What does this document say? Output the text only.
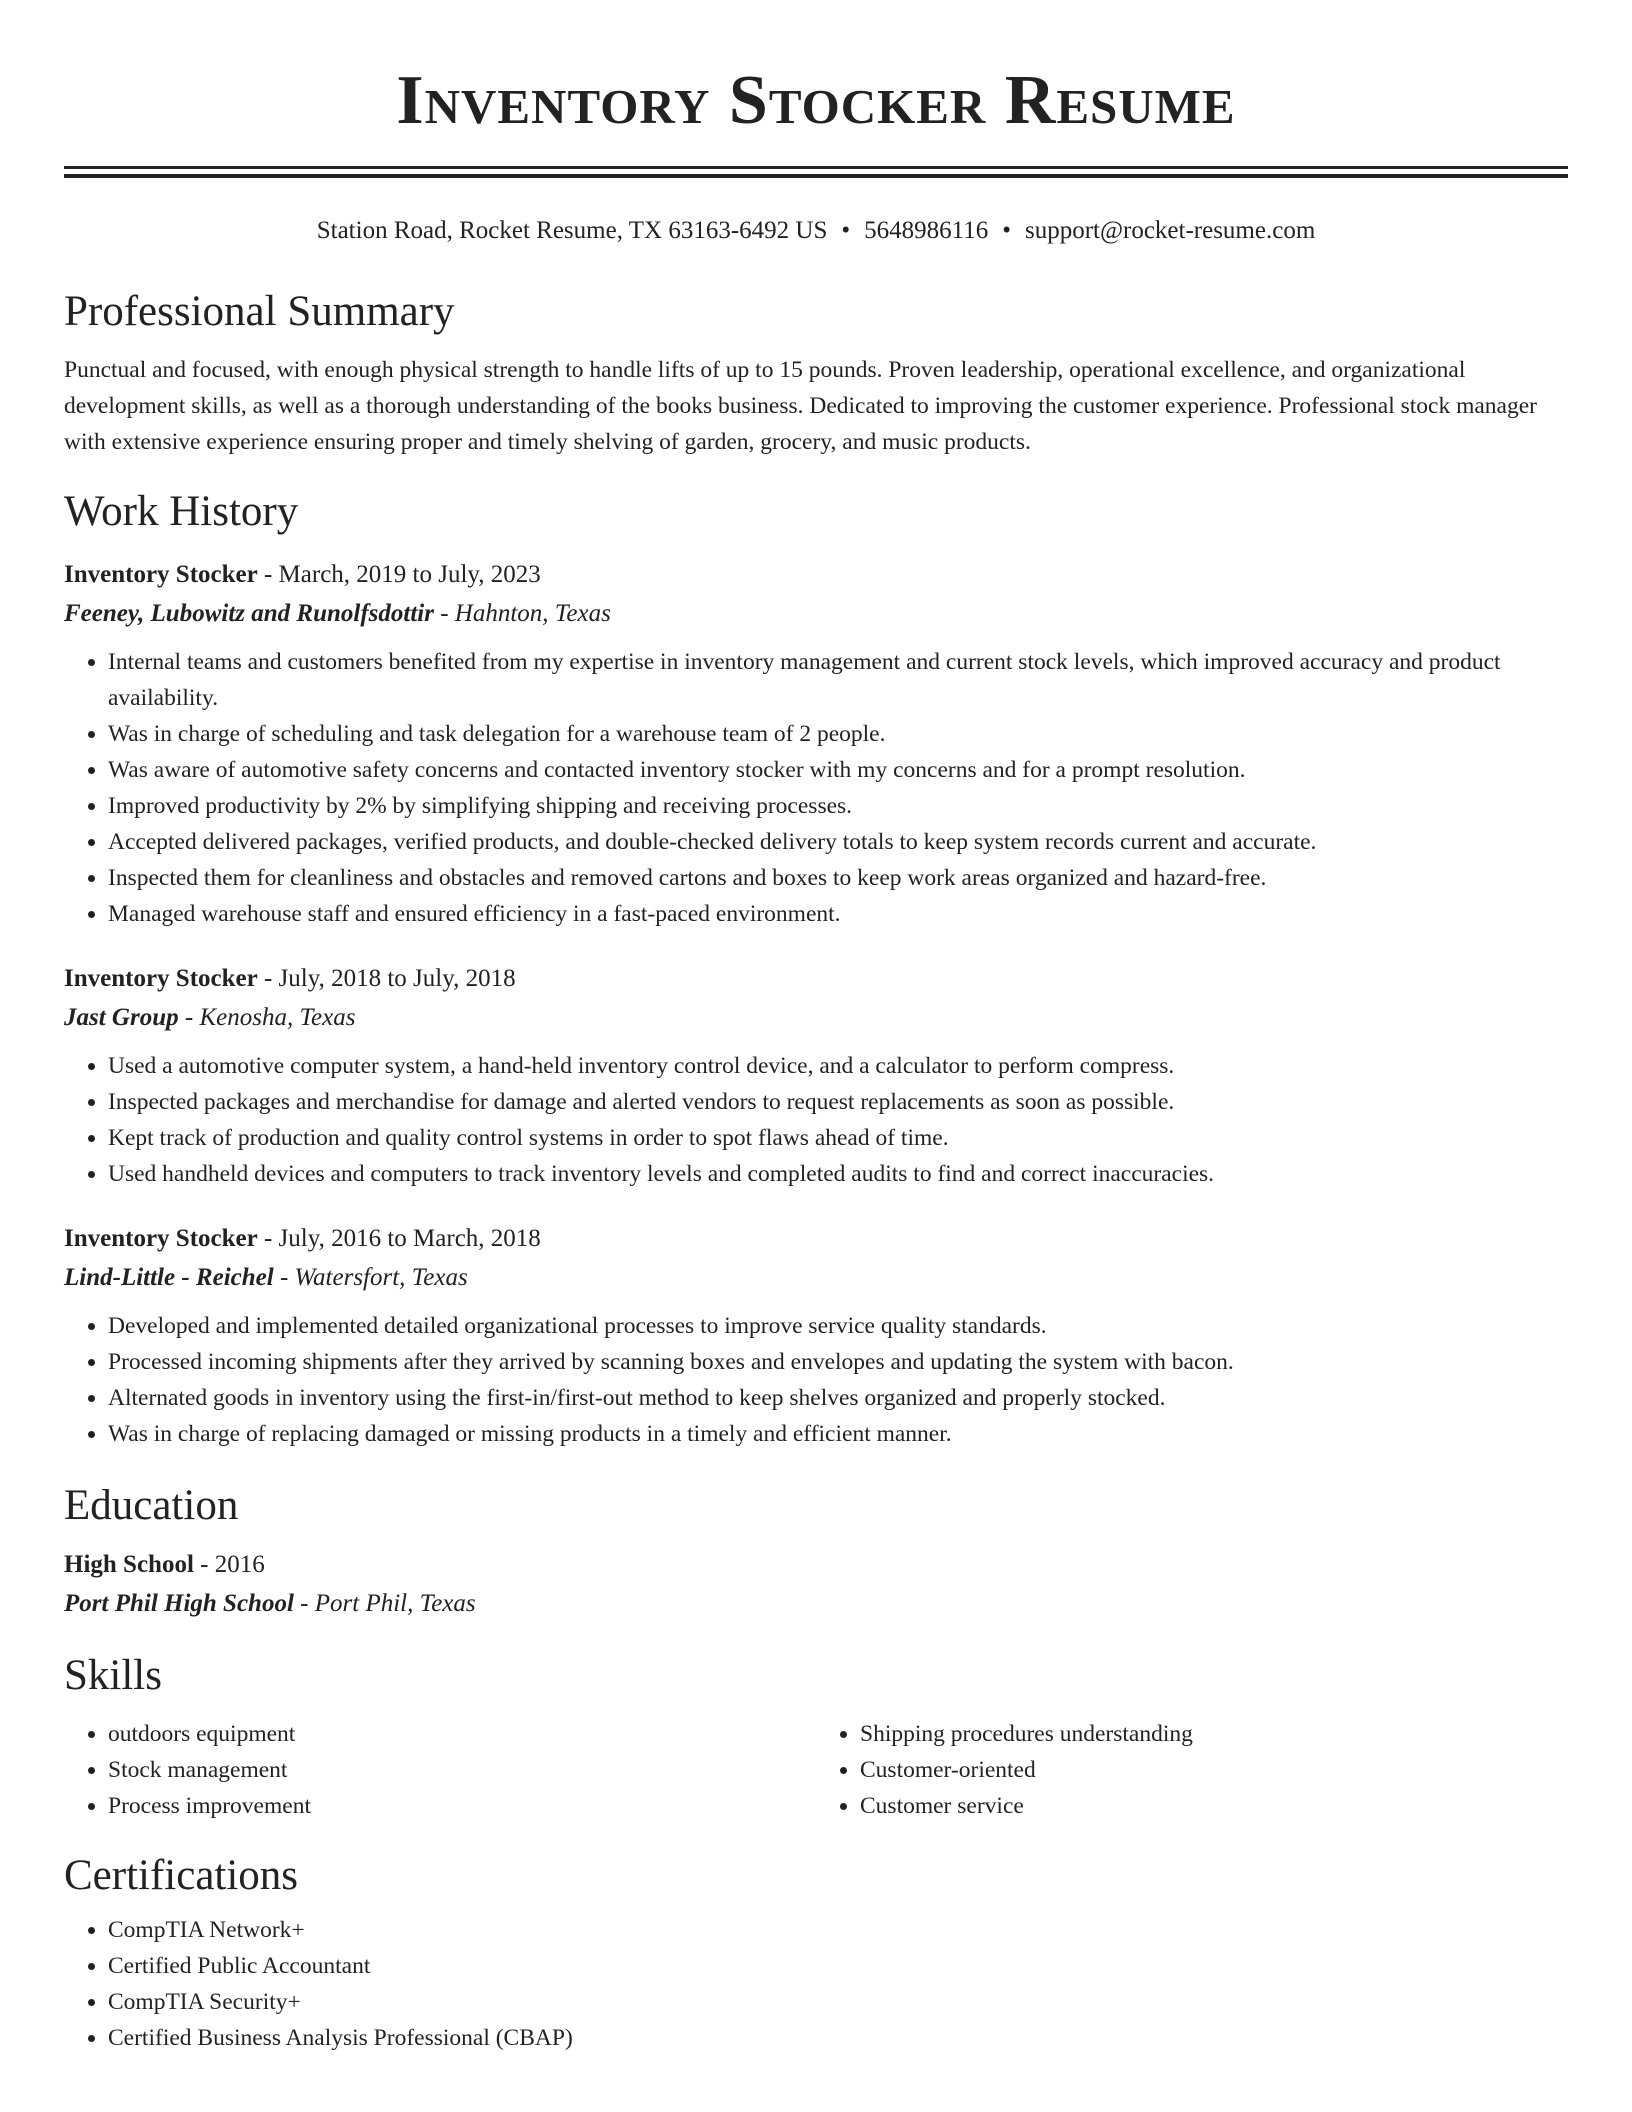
Inventory Stocker Resume
Station Road, Rocket Resume, TX 63163-6492 US • 5648986116 • support@rocket-resume.com
Professional Summary

Punctual and focused, with enough physical strength to handle lifts of up to 15 pounds. Proven leadership, operational excellence, and organizational development skills, as well as a thorough understanding of the books business. Dedicated to improving the customer experience. Professional stock manager with extensive experience ensuring proper and timely shelving of garden, grocery, and music products.

Work History
Inventory Stocker - March, 2019 to July, 2023
Feeney, Lubowitz and Runolfsdottir - Hahnton, Texas
• Internal teams and customers benefited from my expertise in inventory management and current stock levels, which improved accuracy and product availability.
• Was in charge of scheduling and task delegation for a warehouse team of 2 people.
• Was aware of automotive safety concerns and contacted inventory stocker with my concerns and for a prompt resolution.
• Improved productivity by 2% by simplifying shipping and receiving processes.
• Accepted delivered packages, verified products, and double-checked delivery totals to keep system records current and accurate.
• Inspected them for cleanliness and obstacles and removed cartons and boxes to keep work areas organized and hazard-free.
• Managed warehouse staff and ensured efficiency in a fast-paced environment.
Inventory Stocker - July, 2018 to July, 2018
Jast Group - Kenosha, Texas
• Used a automotive computer system, a hand-held inventory control device, and a calculator to perform compress.
• Inspected packages and merchandise for damage and alerted vendors to request replacements as soon as possible.
• Kept track of production and quality control systems in order to spot flaws ahead of time.
• Used handheld devices and computers to track inventory levels and completed audits to find and correct inaccuracies.
Inventory Stocker - July, 2016 to March, 2018
Lind-Little - Reichel - Watersfort, Texas
• Developed and implemented detailed organizational processes to improve service quality standards.
• Processed incoming shipments after they arrived by scanning boxes and envelopes and updating the system with bacon.
• Alternated goods in inventory using the first-in/first-out method to keep shelves organized and properly stocked.
• Was in charge of replacing damaged or missing products in a timely and efficient manner.
Education
High School - 2016
Port Phil High School - Port Phil, Texas
Skills
• outdoors equipment
• Stock management
• Process improvement
• Shipping procedures understanding
• Customer-oriented
• Customer service
Certifications
• CompTIA Network+
• Certified Public Accountant
• CompTIA Security+
• Certified Business Analysis Professional (CBAP)
